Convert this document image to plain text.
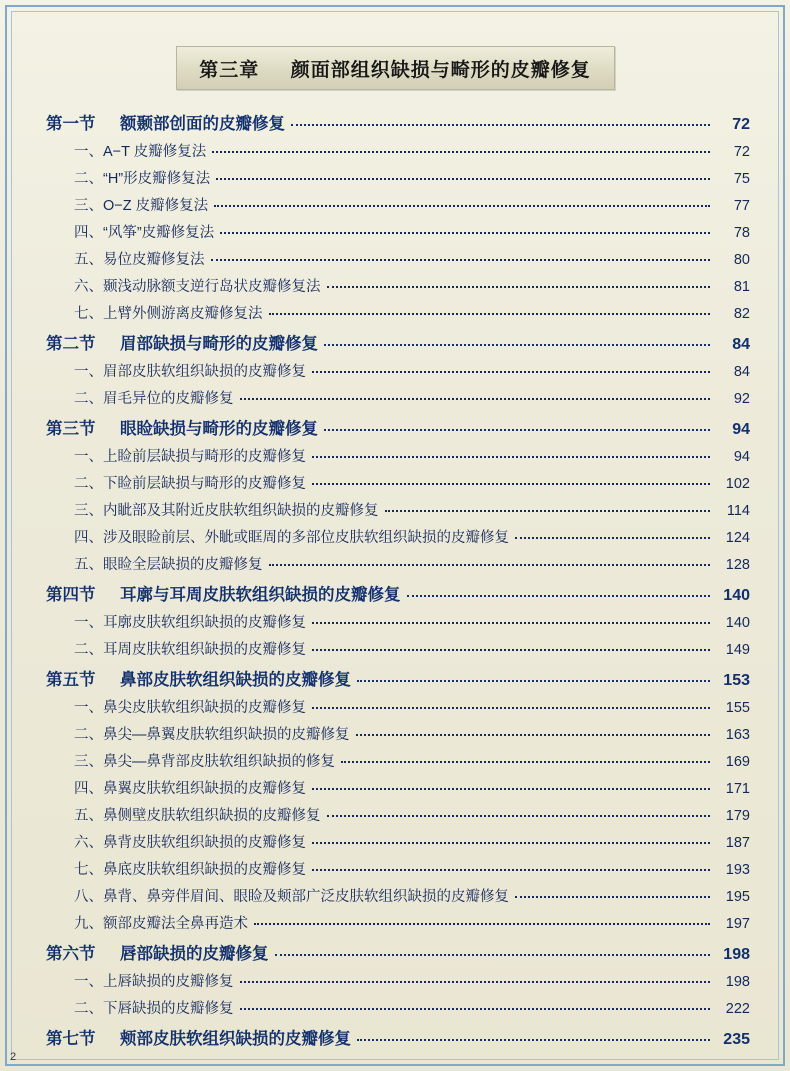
第三章 颜面部组织缺损与畸形的皮瓣修复
第一节 额颞部创面的皮瓣修复	72
一、A−T 皮瓣修复法	72
二、“H”形皮瓣修复法	75
三、O−Z 皮瓣修复法	77
四、“风筝”皮瓣修复法	78
五、易位皮瓣修复法	80
六、颞浅动脉额支逆行岛状皮瓣修复法	81
七、上臂外侧游离皮瓣修复法	82
第二节 眉部缺损与畸形的皮瓣修复	84
一、眉部皮肤软组织缺损的皮瓣修复	84
二、眉毛异位的皮瓣修复	92
第三节 眼睑缺损与畸形的皮瓣修复	94
一、上睑前层缺损与畸形的皮瓣修复	94
二、下睑前层缺损与畸形的皮瓣修复	102
三、内眦部及其附近皮肤软组织缺损的皮瓣修复	114
四、涉及眼睑前层、外眦或眶周的多部位皮肤软组织缺损的皮瓣修复	124
五、眼睑全层缺损的皮瓣修复	128
第四节 耳廓与耳周皮肤软组织缺损的皮瓣修复	140
一、耳廓皮肤软组织缺损的皮瓣修复	140
二、耳周皮肤软组织缺损的皮瓣修复	149
第五节 鼻部皮肤软组织缺损的皮瓣修复	153
一、鼻尖皮肤软组织缺损的皮瓣修复	155
二、鼻尖—鼻翼皮肤软组织缺损的皮瓣修复	163
三、鼻尖—鼻背部皮肤软组织缺损的修复	169
四、鼻翼皮肤软组织缺损的皮瓣修复	171
五、鼻侧壁皮肤软组织缺损的皮瓣修复	179
六、鼻背皮肤软组织缺损的皮瓣修复	187
七、鼻底皮肤软组织缺损的皮瓣修复	193
八、鼻背、鼻旁伴眉间、眼睑及颊部广泛皮肤软组织缺损的皮瓣修复	195
九、额部皮瓣法全鼻再造术	197
第六节 唇部缺损的皮瓣修复	198
一、上唇缺损的皮瓣修复	198
二、下唇缺损的皮瓣修复	222
第七节 颊部皮肤软组织缺损的皮瓣修复	235
2
